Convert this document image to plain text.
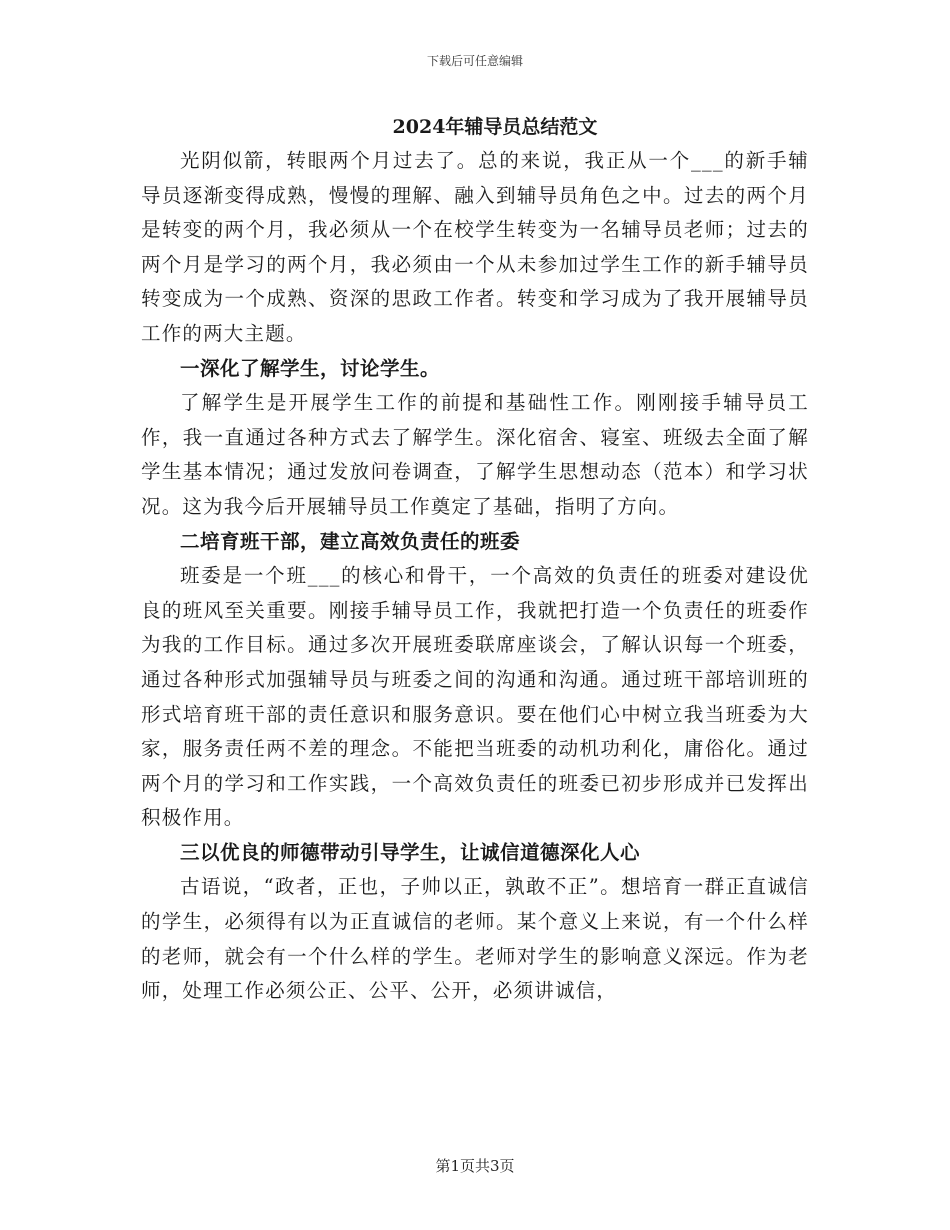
下载后可任意编辑
2024年辅导员总结范文

光阴似箭，转眼两个月过去了。总的来说，我正从一个___的新手辅导员逐渐变得成熟，慢慢的理解、融入到辅导员角色之中。过去的两个月是转变的两个月，我必须从一个在校学生转变为一名辅导员老师；过去的两个月是学习的两个月，我必须由一个从未参加过学生工作的新手辅导员转变成为一个成熟、资深的思政工作者。转变和学习成为了我开展辅导员工作的两大主题。

一深化了解学生，讨论学生。

了解学生是开展学生工作的前提和基础性工作。刚刚接手辅导员工作，我一直通过各种方式去了解学生。深化宿舍、寝室、班级去全面了解学生基本情况；通过发放问卷调查，了解学生思想动态（范本）和学习状况。这为我今后开展辅导员工作奠定了基础，指明了方向。

二培育班干部，建立高效负责任的班委

班委是一个班___的核心和骨干，一个高效的负责任的班委对建设优良的班风至关重要。刚接手辅导员工作，我就把打造一个负责任的班委作为我的工作目标。通过多次开展班委联席座谈会，了解认识每一个班委，通过各种形式加强辅导员与班委之间的沟通和沟通。通过班干部培训班的形式培育班干部的责任意识和服务意识。要在他们心中树立我当班委为大家，服务责任两不差的理念。不能把当班委的动机功利化，庸俗化。通过两个月的学习和工作实践，一个高效负责任的班委已初步形成并已发挥出积极作用。

三以优良的师德带动引导学生，让诚信道德深化人心

古语说，“政者，正也，子帅以正，孰敢不正”。想培育一群正直诚信的学生，必须得有以为正直诚信的老师。某个意义上来说，有一个什么样的老师，就会有一个什么样的学生。老师对学生的影响意义深远。作为老师，处理工作必须公正、公平、公开，必须讲诚信，

第1页共3页
